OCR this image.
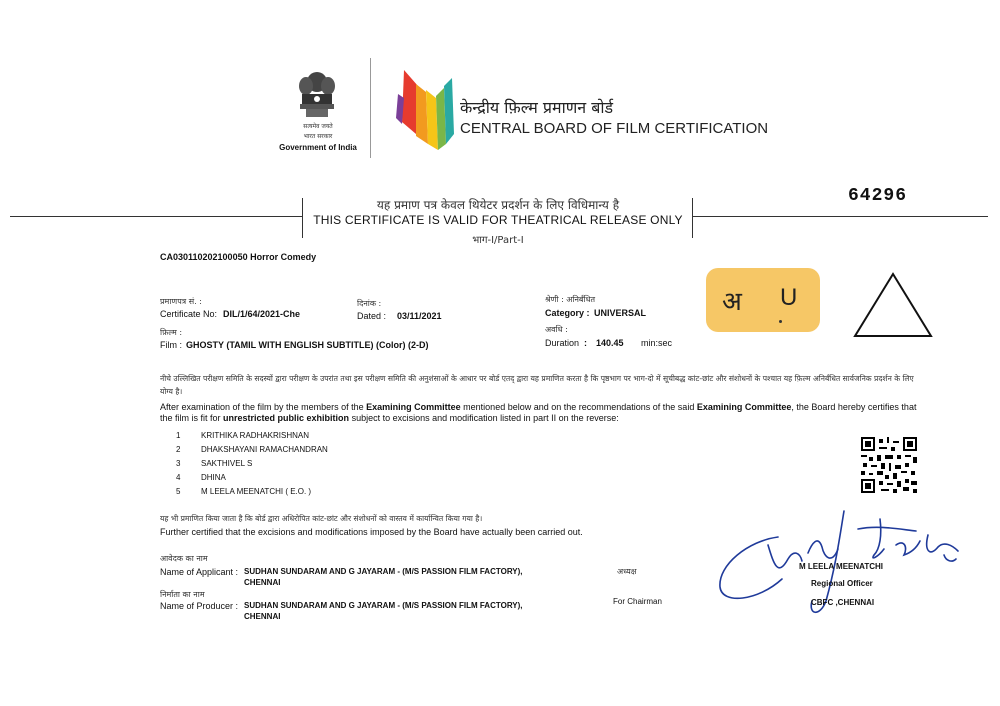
सत्यमेव जयते
भारत सरकार
Government of India
केन्द्रीय फ़िल्म प्रमाणन बोर्ड
CENTRAL BOARD OF FILM CERTIFICATION
यह प्रमाण पत्र केवल थियेटर प्रदर्शन के लिए विधिमान्य है
THIS CERTIFICATE IS VALID FOR THEATRICAL RELEASE ONLY
भाग-I/Part-I
64296
CA030110202100050 Horror Comedy
प्रमाणपत्र सं. :
Certificate No: DIL/1/64/2021-Che
दिनांक :
Dated : 03/11/2021
श्रेणी : अनिर्बंधित
Category : UNIVERSAL
फ़िल्म :
Film : GHOSTY (TAMIL WITH ENGLISH SUBTITLE) (Color) (2-D)
अवधि :
Duration : 140.45 min:sec
अ U
नीचे उल्लिखित परीक्षण समिति के सदस्यों द्वारा परीक्षण के उपरांत तथा इस परीक्षण समिति की अनुशंसाओं के आधार पर बोर्ड एतद् द्वारा यह प्रमाणित करता है कि पृष्ठभाग पर भाग-दो में सूचीबद्ध कांट-छांट और संशोधनों के पश्चात यह फ़िल्म अनिर्बंधित सार्वजनिक प्रदर्शन के लिए योग्य है।
After examination of the film by the members of the Examining Committee mentioned below and on the recommendations of the said Examining Committee, the Board hereby certifies that the film is fit for unrestricted public exhibition subject to excisions and modification listed in part II on the reverse:
1	KRITHIKA RADHAKRISHNAN
2	DHAKSHAYANI RAMACHANDRAN
3	SAKTHIVEL S
4	DHINA
5	M LEELA MEENATCHI ( E.O. )
यह भी प्रमाणित किया जाता है कि बोर्ड द्वारा अधिरोपित कांट-छांट और संशोधनों को वास्तव में कार्यान्वित किया गया है।
Further certified that the excisions and modifications imposed by the Board have actually been carried out.
आवेदक का नाम
Name of Applicant : SUDHAN SUNDARAM AND G JAYARAM - (M/S PASSION FILM FACTORY),
CHENNAI
निर्माता का नाम
Name of Producer : SUDHAN SUNDARAM AND G JAYARAM - (M/S PASSION FILM FACTORY),
CHENNAI
अध्यक्ष
For Chairman
M LEELA MEENATCHI
Regional Officer
CBFC ,CHENNAI
